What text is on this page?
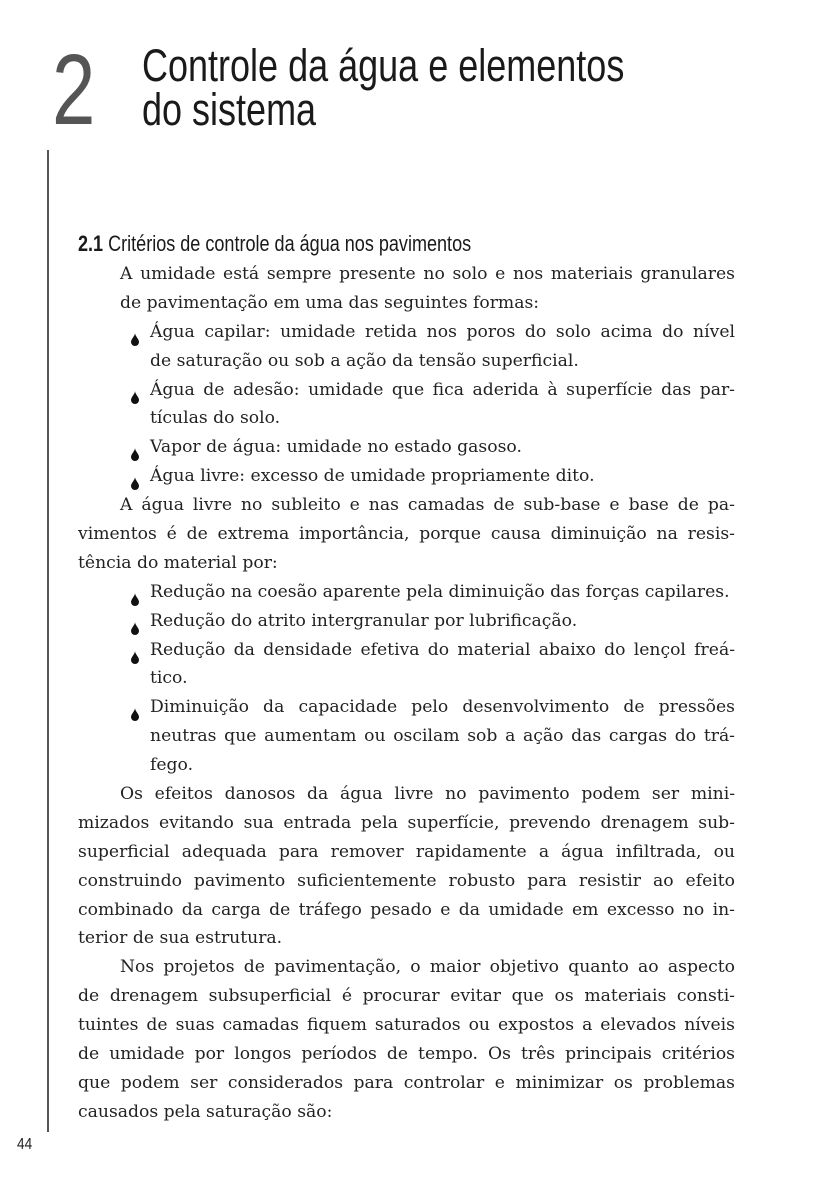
2 Controle da água e elementos
do sistema
2.1 Critérios de controle da água nos pavimentos
A umidade está sempre presente no solo e nos materiais granulares
de pavimentação em uma das seguintes formas:
Água capilar: umidade retida nos poros do solo acima do nível
de saturação ou sob a ação da tensão superficial.
Água de adesão: umidade que fica aderida à superfície das par-
tículas do solo.
Vapor de água: umidade no estado gasoso.
Água livre: excesso de umidade propriamente dito.
A água livre no subleito e nas camadas de sub-base e base de pa-
vimentos é de extrema importância, porque causa diminuição na resis-
tência do material por:
Redução na coesão aparente pela diminuição das forças capilares.
Redução do atrito intergranular por lubrificação.
Redução da densidade efetiva do material abaixo do lençol freá-
tico.
Diminuição da capacidade pelo desenvolvimento de pressões
neutras que aumentam ou oscilam sob a ação das cargas do trá-
fego.
Os efeitos danosos da água livre no pavimento podem ser mini-
mizados evitando sua entrada pela superfície, prevendo drenagem sub-
superficial adequada para remover rapidamente a água infiltrada, ou
construindo pavimento suficientemente robusto para resistir ao efeito
combinado da carga de tráfego pesado e da umidade em excesso no in-
terior de sua estrutura.
Nos projetos de pavimentação, o maior objetivo quanto ao aspecto
de drenagem subsuperficial é procurar evitar que os materiais consti-
tuintes de suas camadas fiquem saturados ou expostos a elevados níveis
de umidade por longos períodos de tempo. Os três principais critérios
que podem ser considerados para controlar e minimizar os problemas
causados pela saturação são:
44
